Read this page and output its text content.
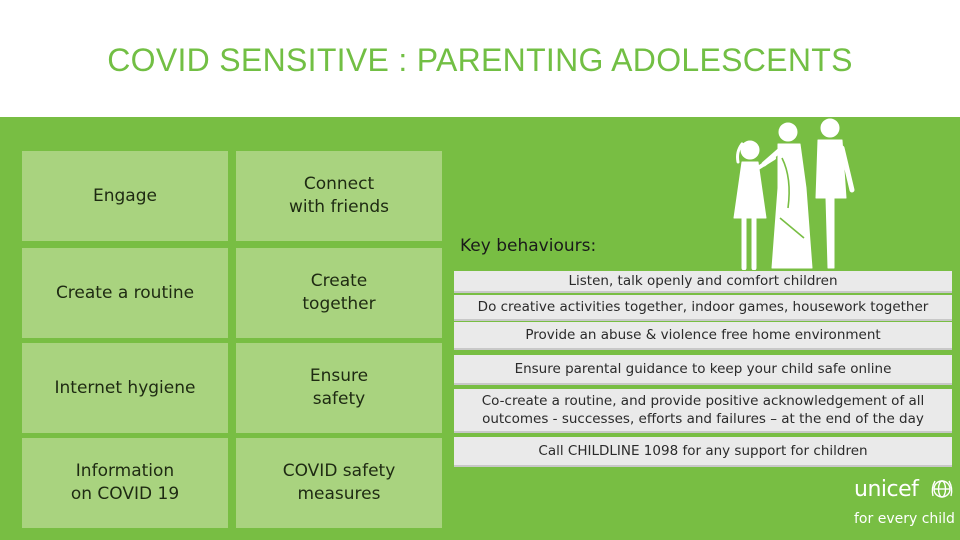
COVID SENSITIVE : PARENTING ADOLESCENTS
Engage
Connect
with friends
Create a routine
Create
together
Internet hygiene
Ensure
safety
Information
on COVID 19
COVID safety
measures
Key behaviours:
Listen, talk openly and comfort children
Do creative activities together, indoor games, housework together
Provide an abuse & violence free home environment
Ensure parental guidance to keep your child safe online
Co-create a routine, and provide positive acknowledgement of all
outcomes - successes, efforts and failures – at the end of the day
Call CHILDLINE 1098 for any support for children
unicef
for every child
